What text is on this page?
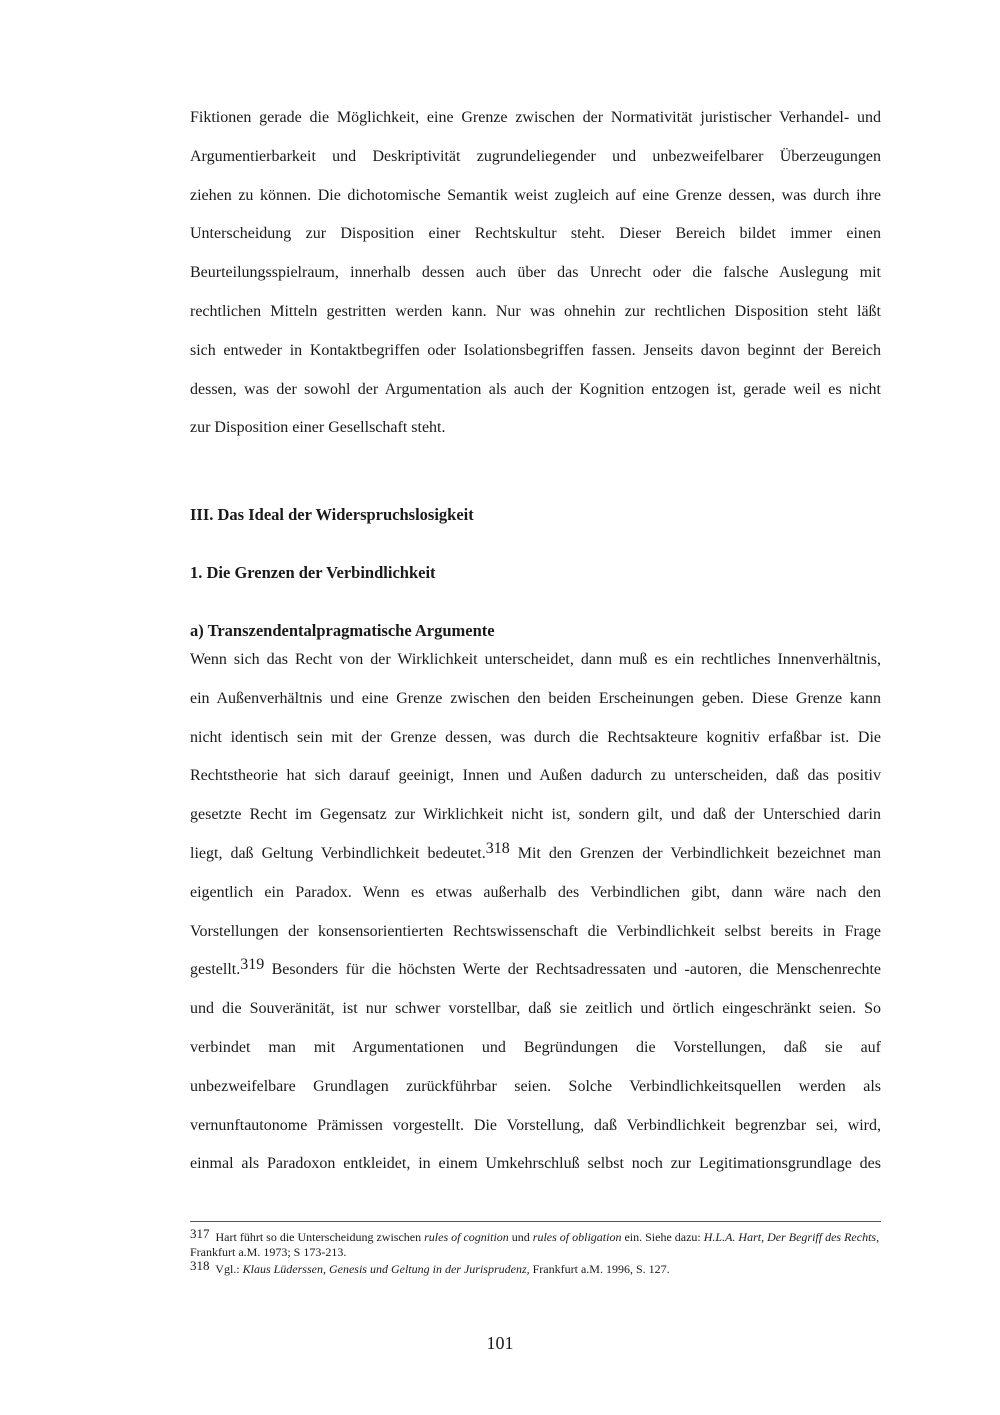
Fiktionen gerade die Möglichkeit, eine Grenze zwischen der Normativität juristischer Verhandel- und
Argumentierbarkeit und Deskriptivität zugrundeliegender und unbezweifelbarer Überzeugungen
ziehen zu können. Die dichotomische Semantik weist zugleich auf eine Grenze dessen, was durch ihre
Unterscheidung zur Disposition einer Rechtskultur steht. Dieser Bereich bildet immer einen
Beurteilungsspielraum, innerhalb dessen auch über das Unrecht oder die falsche Auslegung mit
rechtlichen Mitteln gestritten werden kann. Nur was ohnehin zur rechtlichen Disposition steht läßt
sich entweder in Kontaktbegriffen oder Isolationsbegriffen fassen. Jenseits davon beginnt der Bereich
dessen, was der sowohl der Argumentation als auch der Kognition entzogen ist, gerade weil es nicht
zur Disposition einer Gesellschaft steht.
III. Das Ideal der Widerspruchslosigkeit
1. Die Grenzen der Verbindlichkeit
a) Transzendentalpragmatische Argumente
Wenn sich das Recht von der Wirklichkeit unterscheidet, dann muß es ein rechtliches Innenverhältnis,
ein Außenverhältnis und eine Grenze zwischen den beiden Erscheinungen geben. Diese Grenze kann
nicht identisch sein mit der Grenze dessen, was durch die Rechtsakteure kognitiv erfaßbar ist. Die
Rechtstheorie hat sich darauf geeinigt, Innen und Außen dadurch zu unterscheiden, daß das positiv
gesetzte Recht im Gegensatz zur Wirklichkeit nicht ist, sondern gilt, und daß der Unterschied darin
liegt, daß Geltung Verbindlichkeit bedeutet.318 Mit den Grenzen der Verbindlichkeit bezeichnet man
eigentlich ein Paradox. Wenn es etwas außerhalb des Verbindlichen gibt, dann wäre nach den
Vorstellungen der konsensorientierten Rechtswissenschaft die Verbindlichkeit selbst bereits in Frage
gestellt.319 Besonders für die höchsten Werte der Rechtsadressaten und -autoren, die Menschenrechte
und die Souveränität, ist nur schwer vorstellbar, daß sie zeitlich und örtlich eingeschränkt seien. So
verbindet man mit Argumentationen und Begründungen die Vorstellungen, daß sie auf
unbezweifelbare Grundlagen zurückführbar seien. Solche Verbindlichkeitsquellen werden als
vernunftautonome Prämissen vorgestellt. Die Vorstellung, daß Verbindlichkeit begrenzbar sei, wird,
einmal als Paradoxon entkleidet, in einem Umkehrschluß selbst noch zur Legitimationsgrundlage des

317 Hart führt so die Unterscheidung zwischen rules of cognition und rules of obligation ein. Siehe dazu: H.L.A. Hart, Der Begriff des Rechts, Frankfurt a.M. 1973; S 173-213.

318 Vgl.: Klaus Lüderssen, Genesis und Geltung in der Jurisprudenz, Frankfurt a.M. 1996, S. 127.

101
